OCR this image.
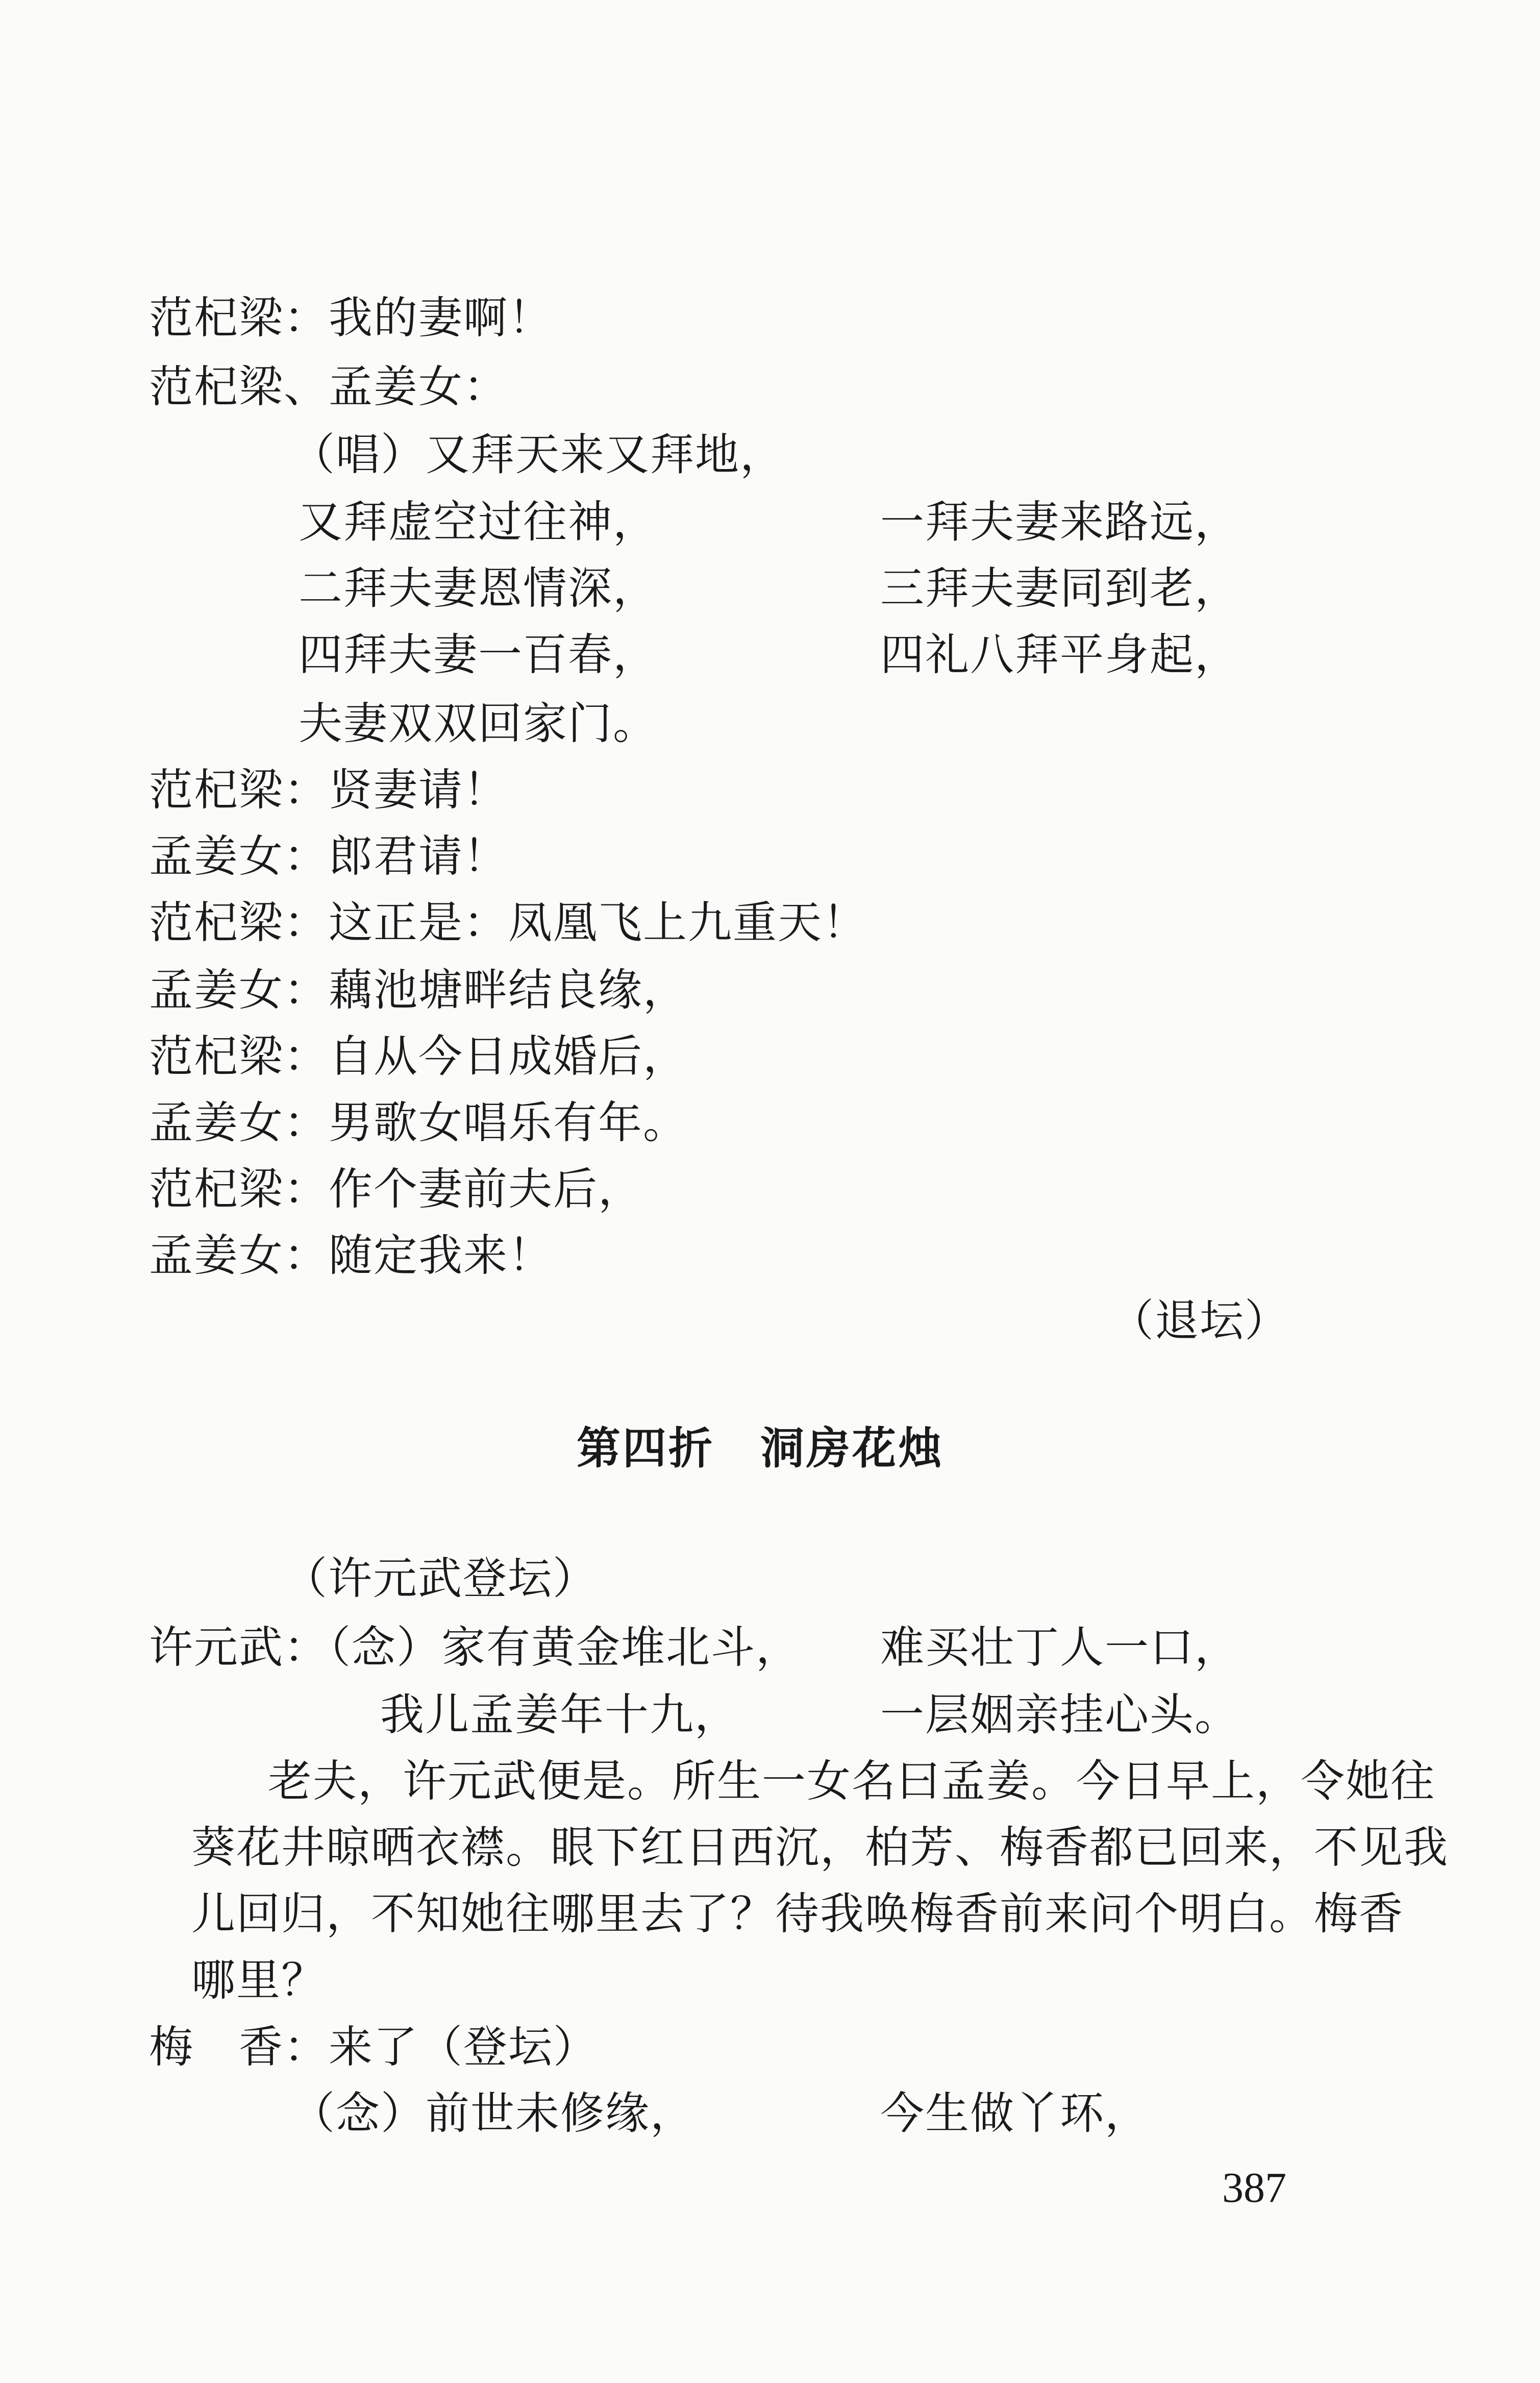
范杞梁：我的妻啊！
范杞梁、孟姜女：
（唱）又拜天来又拜地，
又拜虚空过往神，	一拜夫妻来路远，
二拜夫妻恩情深，	三拜夫妻同到老，
四拜夫妻一百春，	四礼八拜平身起，
夫妻双双回家门。
范杞梁：贤妻请！
孟姜女：郎君请！
范杞梁：这正是：凤凰飞上九重天！
孟姜女：藕池塘畔结良缘，
范杞梁：自从今日成婚后，
孟姜女：男歌女唱乐有年。
范杞梁：作个妻前夫后，
孟姜女：随定我来！
（退坛）
第四折　洞房花烛
（许元武登坛）
许元武：（念）家有黄金堆北斗， 难买壮丁人一口，
我儿孟姜年十九，	一层姻亲挂心头。
老夫，许元武便是。所生一女名曰孟姜。今日早上，令她往
葵花井晾晒衣襟。眼下红日西沉，柏芳、梅香都已回来，不见我
儿回归，不知她往哪里去了？待我唤梅香前来问个明白。梅香
哪里？
梅　香：来了（登坛）
（念）前世未修缘，	今生做丫环，
387
